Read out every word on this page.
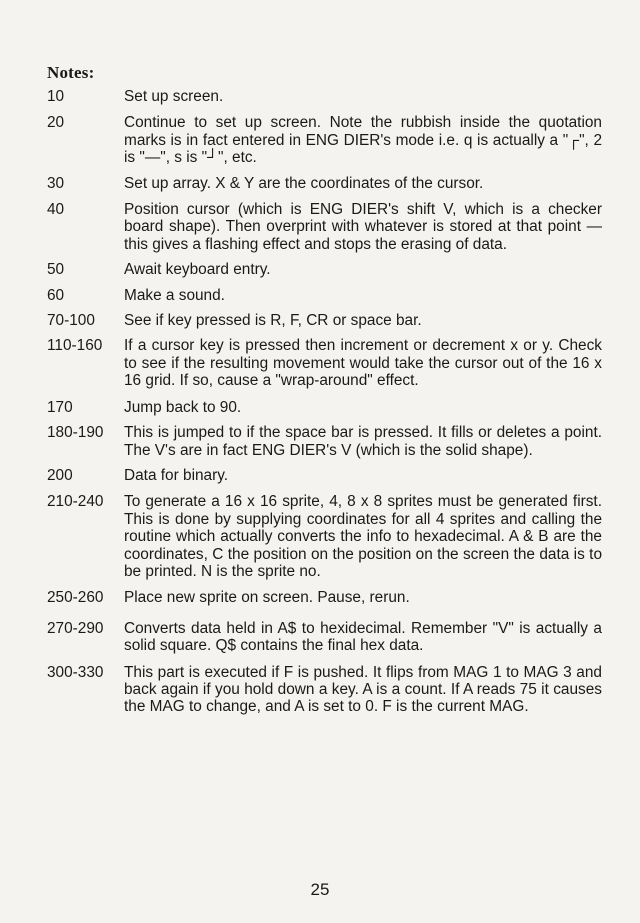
Notes:
10	Set up screen.
20	Continue to set up screen. Note the rubbish inside the quotation marks is in fact entered in ENG DIER's mode i.e. q is actually a "┌", 2 is "—", s is "┘", etc.
30	Set up array. X & Y are the coordinates of the cursor.
40	Position cursor (which is ENG DIER's shift V, which is a checker board shape). Then overprint with whatever is stored at that point — this gives a flashing effect and stops the erasing of data.
50	Await keyboard entry.
60	Make a sound.
70-100	See if key pressed is R, F, CR or space bar.
110-160	If a cursor key is pressed then increment or decrement x or y. Check to see if the resulting movement would take the cursor out of the 16 x 16 grid. If so, cause a "wrap-around" effect.
170	Jump back to 90.
180-190	This is jumped to if the space bar is pressed. It fills or deletes a point. The V's are in fact ENG DIER's V (which is the solid shape).
200	Data for binary.
210-240	To generate a 16 x 16 sprite, 4, 8 x 8 sprites must be generated first. This is done by supplying coordinates for all 4 sprites and calling the routine which actually converts the info to hexadecimal. A & B are the coordinates, C the position on the position on the screen the data is to be printed. N is the sprite no.
250-260	Place new sprite on screen. Pause, rerun.
270-290	Converts data held in A$ to hexidecimal. Remember "V" is actually a solid square. Q$ contains the final hex data.
300-330	This part is executed if F is pushed. It flips from MAG 1 to MAG 3 and back again if you hold down a key. A is a count. If A reads 75 it causes the MAG to change, and A is set to 0. F is the current MAG.
25
